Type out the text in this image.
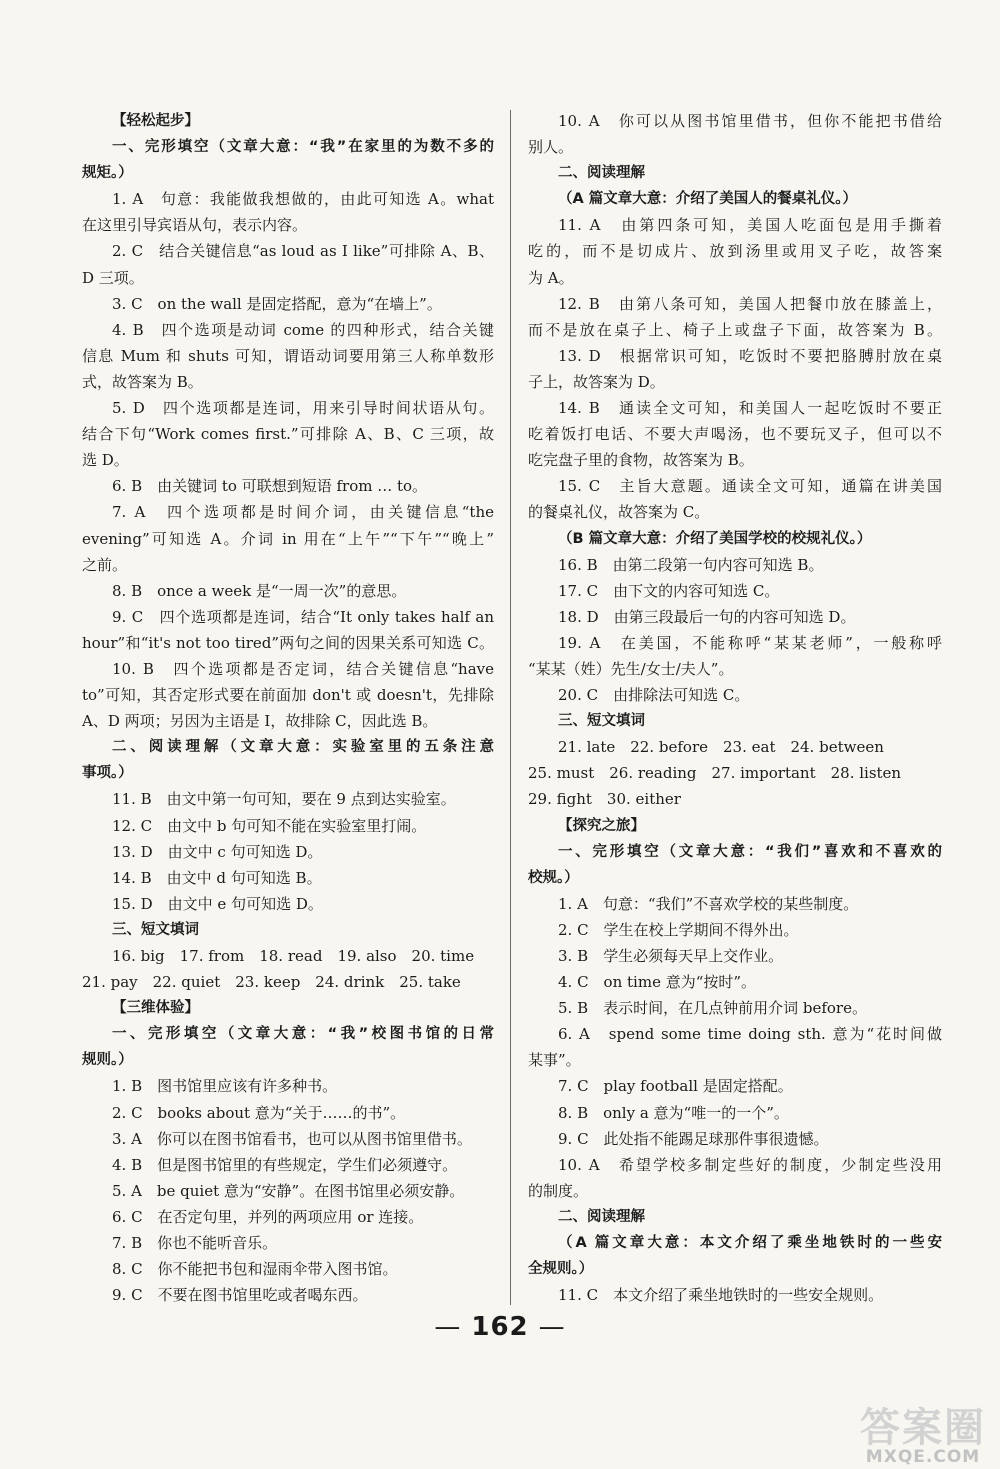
【轻松起步】
一、完形填空（文章大意：“我”在家里的为数不多的
规矩。）
1. A　句意：我能做我想做的，由此可知选 A。what
在这里引导宾语从句，表示内容。
2. C　结合关键信息“as loud as I like”可排除 A、B、
D 三项。
3. C　on the wall 是固定搭配，意为“在墙上”。
4. B　四个选项是动词 come 的四种形式，结合关键
信息 Mum 和 shuts 可知，谓语动词要用第三人称单数形
式，故答案为 B。
5. D　四个选项都是连词，用来引导时间状语从句。
结合下句“Work comes first.”可排除 A、B、C 三项，故
选 D。
6. B　由关键词 to 可联想到短语 from … to。
7. A　四个选项都是时间介词，由关键信息“the
evening”可知选 A。介词 in 用在“上午”“下午”“晚上”
之前。
8. B　once a week 是“一周一次”的意思。
9. C　四个选项都是连词，结合“It only takes half an
hour”和“it's not too tired”两句之间的因果关系可知选 C。
10. B　四个选项都是否定词，结合关键信息“have
to”可知，其否定形式要在前面加 don't 或 doesn't，先排除
A、D 两项；另因为主语是 I，故排除 C，因此选 B。
二、阅读理解（文章大意：实验室里的五条注意
事项。）
11. B　由文中第一句可知，要在 9 点到达实验室。
12. C　由文中 b 句可知不能在实验室里打闹。
13. D　由文中 c 句可知选 D。
14. B　由文中 d 句可知选 B。
15. D　由文中 e 句可知选 D。
三、短文填词
16. big　17. from　18. read　19. also　20. time
21. pay　22. quiet　23. keep　24. drink　25. take
【三维体验】
一、完形填空（文章大意：“我”校图书馆的日常
规则。）
1. B　图书馆里应该有许多种书。
2. C　books about 意为“关于……的书”。
3. A　你可以在图书馆看书，也可以从图书馆里借书。
4. B　但是图书馆里的有些规定，学生们必须遵守。
5. A　be quiet 意为“安静”。在图书馆里必须安静。
6. C　在否定句里，并列的两项应用 or 连接。
7. B　你也不能听音乐。
8. C　你不能把书包和湿雨伞带入图书馆。
9. C　不要在图书馆里吃或者喝东西。
10. A　你可以从图书馆里借书，但你不能把书借给
别人。
二、阅读理解
（A 篇文章大意：介绍了美国人的餐桌礼仪。）
11. A　由第四条可知，美国人吃面包是用手撕着
吃的，而不是切成片、放到汤里或用叉子吃，故答案
为 A。
12. B　由第八条可知，美国人把餐巾放在膝盖上，
而不是放在桌子上、椅子上或盘子下面，故答案为 B。
13. D　根据常识可知，吃饭时不要把胳膊肘放在桌
子上，故答案为 D。
14. B　通读全文可知，和美国人一起吃饭时不要正
吃着饭打电话、不要大声喝汤，也不要玩叉子，但可以不
吃完盘子里的食物，故答案为 B。
15. C　主旨大意题。通读全文可知，通篇在讲美国
的餐桌礼仪，故答案为 C。
（B 篇文章大意：介绍了美国学校的校规礼仪。）
16. B　由第二段第一句内容可知选 B。
17. C　由下文的内容可知选 C。
18. D　由第三段最后一句的内容可知选 D。
19. A　在美国，不能称呼“某某老师”，一般称呼
“某某（姓）先生/女士/夫人”。
20. C　由排除法可知选 C。
三、短文填词
21. late　22. before　23. eat　24. between
25. must　26. reading　27. important　28. listen
29. fight　30. either
【探究之旅】
一、完形填空（文章大意：“我们”喜欢和不喜欢的
校规。）
1. A　句意：“我们”不喜欢学校的某些制度。
2. C　学生在校上学期间不得外出。
3. B　学生必须每天早上交作业。
4. C　on time 意为“按时”。
5. B　表示时间，在几点钟前用介词 before。
6. A　spend some time doing sth. 意为“花时间做
某事”。
7. C　play football 是固定搭配。
8. B　only a 意为“唯一的一个”。
9. C　此处指不能踢足球那件事很遗憾。
10. A　希望学校多制定些好的制度，少制定些没用
的制度。
二、阅读理解
（A 篇文章大意：本文介绍了乘坐地铁时的一些安
全规则。）
11. C　本文介绍了乘坐地铁时的一些安全规则。
— 162 —
答案圈
MXQE.COM
